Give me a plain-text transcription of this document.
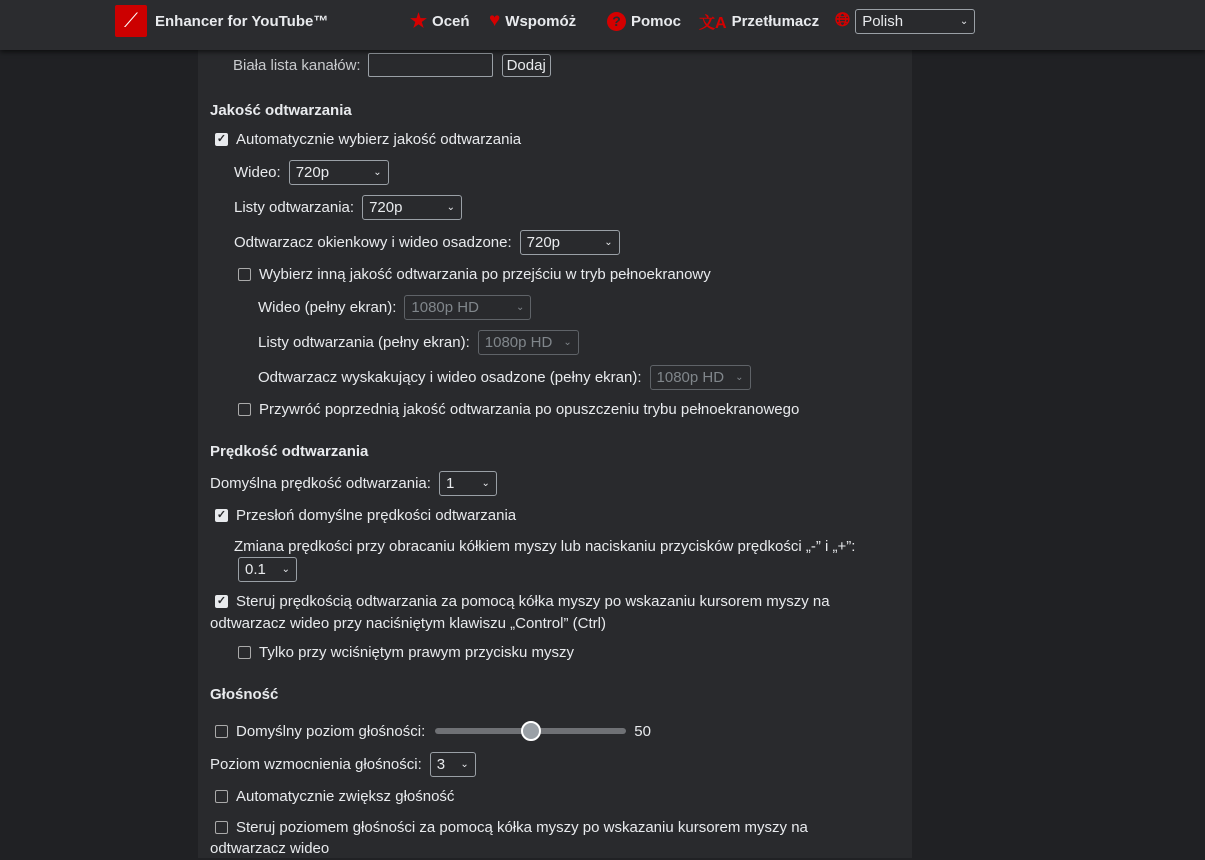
Biała lista kanałów:	Dodaj
⟋	Enhancer for YouTube™	★ Oceń ♥ Wspomóż	? Pomoc 文A Przetłumacz 🌐︎ Polish	⌄
Jakość odtwarzania
✓ Automatycznie wybierz jakość odtwarzania
Wideo: 720p	⌄
Listy odtwarzania: 720p	⌄
Odtwarzacz okienkowy i wideo osadzone: 720p	⌄
Wybierz inną jakość odtwarzania po przejściu w tryb pełnoekranowy
Wideo (pełny ekran): 1080p HD	⌄
Listy odtwarzania (pełny ekran): 1080p HD ⌄
Odtwarzacz wyskakujący i wideo osadzone (pełny ekran): 1080p HD ⌄
Przywróć poprzednią jakość odtwarzania po opuszczeniu trybu pełnoekranowego
Prędkość odtwarzania
Domyślna prędkość odtwarzania: 1	⌄
✓ Przesłoń domyślne prędkości odtwarzania
Zmiana prędkości przy obracaniu kółkiem myszy lub naciskaniu przycisków prędkości „-” i „+”:
0.1 ⌄
✓ Steruj prędkością odtwarzania za pomocą kółka myszy po wskazaniu kursorem myszy na
odtwarzacz wideo przy naciśniętym klawiszu „Control” (Ctrl)
Tylko przy wciśniętym prawym przycisku myszy
Głośność
Domyślny poziom głośności:	50
Poziom wzmocnienia głośności: 3 ⌄
Automatycznie zwiększ głośność
Steruj poziomem głośności za pomocą kółka myszy po wskazaniu kursorem myszy na
odtwarzacz wideo
